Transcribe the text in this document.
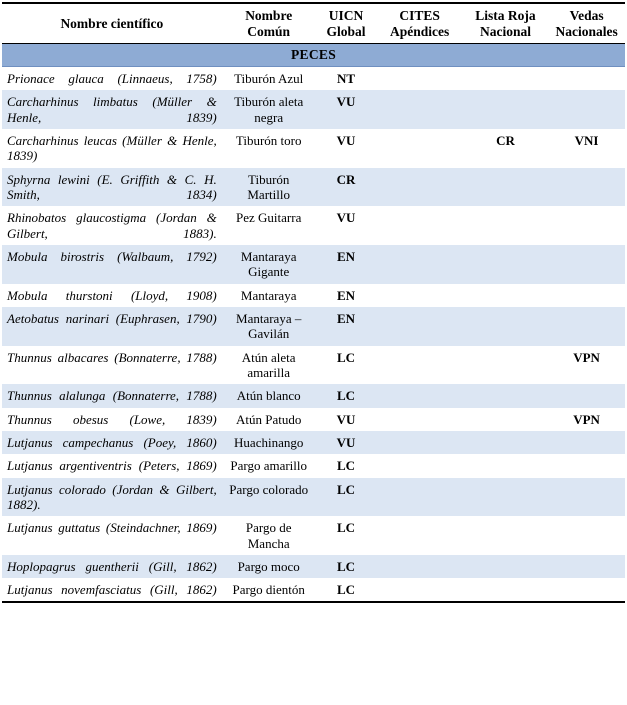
Nombre científico	Nombre Común	UICN Global	CITES Apéndices	Lista Roja Nacional	Vedas Nacionales
PECES					
Prionace glauca (Linnaeus, 1758)	Tiburón Azul	NT			
Carcharhinus limbatus (Müller & Henle, 1839)	Tiburón aleta negra	VU			
Carcharhinus leucas (Müller & Henle, 1839)	Tiburón toro	VU		CR	VNI
Sphyrna lewini (E. Griffith & C. H. Smith, 1834)	Tiburón Martillo	CR			
Rhinobatos glaucostigma (Jordan & Gilbert, 1883).	Pez Guitarra	VU			
Mobula birostris (Walbaum, 1792)	Mantaraya Gigante	EN			
Mobula thurstoni (Lloyd, 1908)	Mantaraya	EN			
Aetobatus narinari (Euphrasen, 1790)	Mantaraya – Gavilán	EN			
Thunnus albacares (Bonnaterre, 1788)	Atún aleta amarilla	LC			VPN
Thunnus alalunga (Bonnaterre, 1788)	Atún blanco	LC			
Thunnus obesus (Lowe, 1839)	Atún Patudo	VU			VPN
Lutjanus campechanus (Poey, 1860)	Huachinango	VU			
Lutjanus argentiventris (Peters, 1869)	Pargo amarillo	LC			
Lutjanus colorado (Jordan & Gilbert, 1882).	Pargo colorado	LC			
Lutjanus guttatus (Steindachner, 1869)	Pargo de Mancha	LC			
Hoplopagrus guentherii (Gill, 1862)	Pargo moco	LC			
Lutjanus novemfasciatus (Gill, 1862)	Pargo dientón	LC			
